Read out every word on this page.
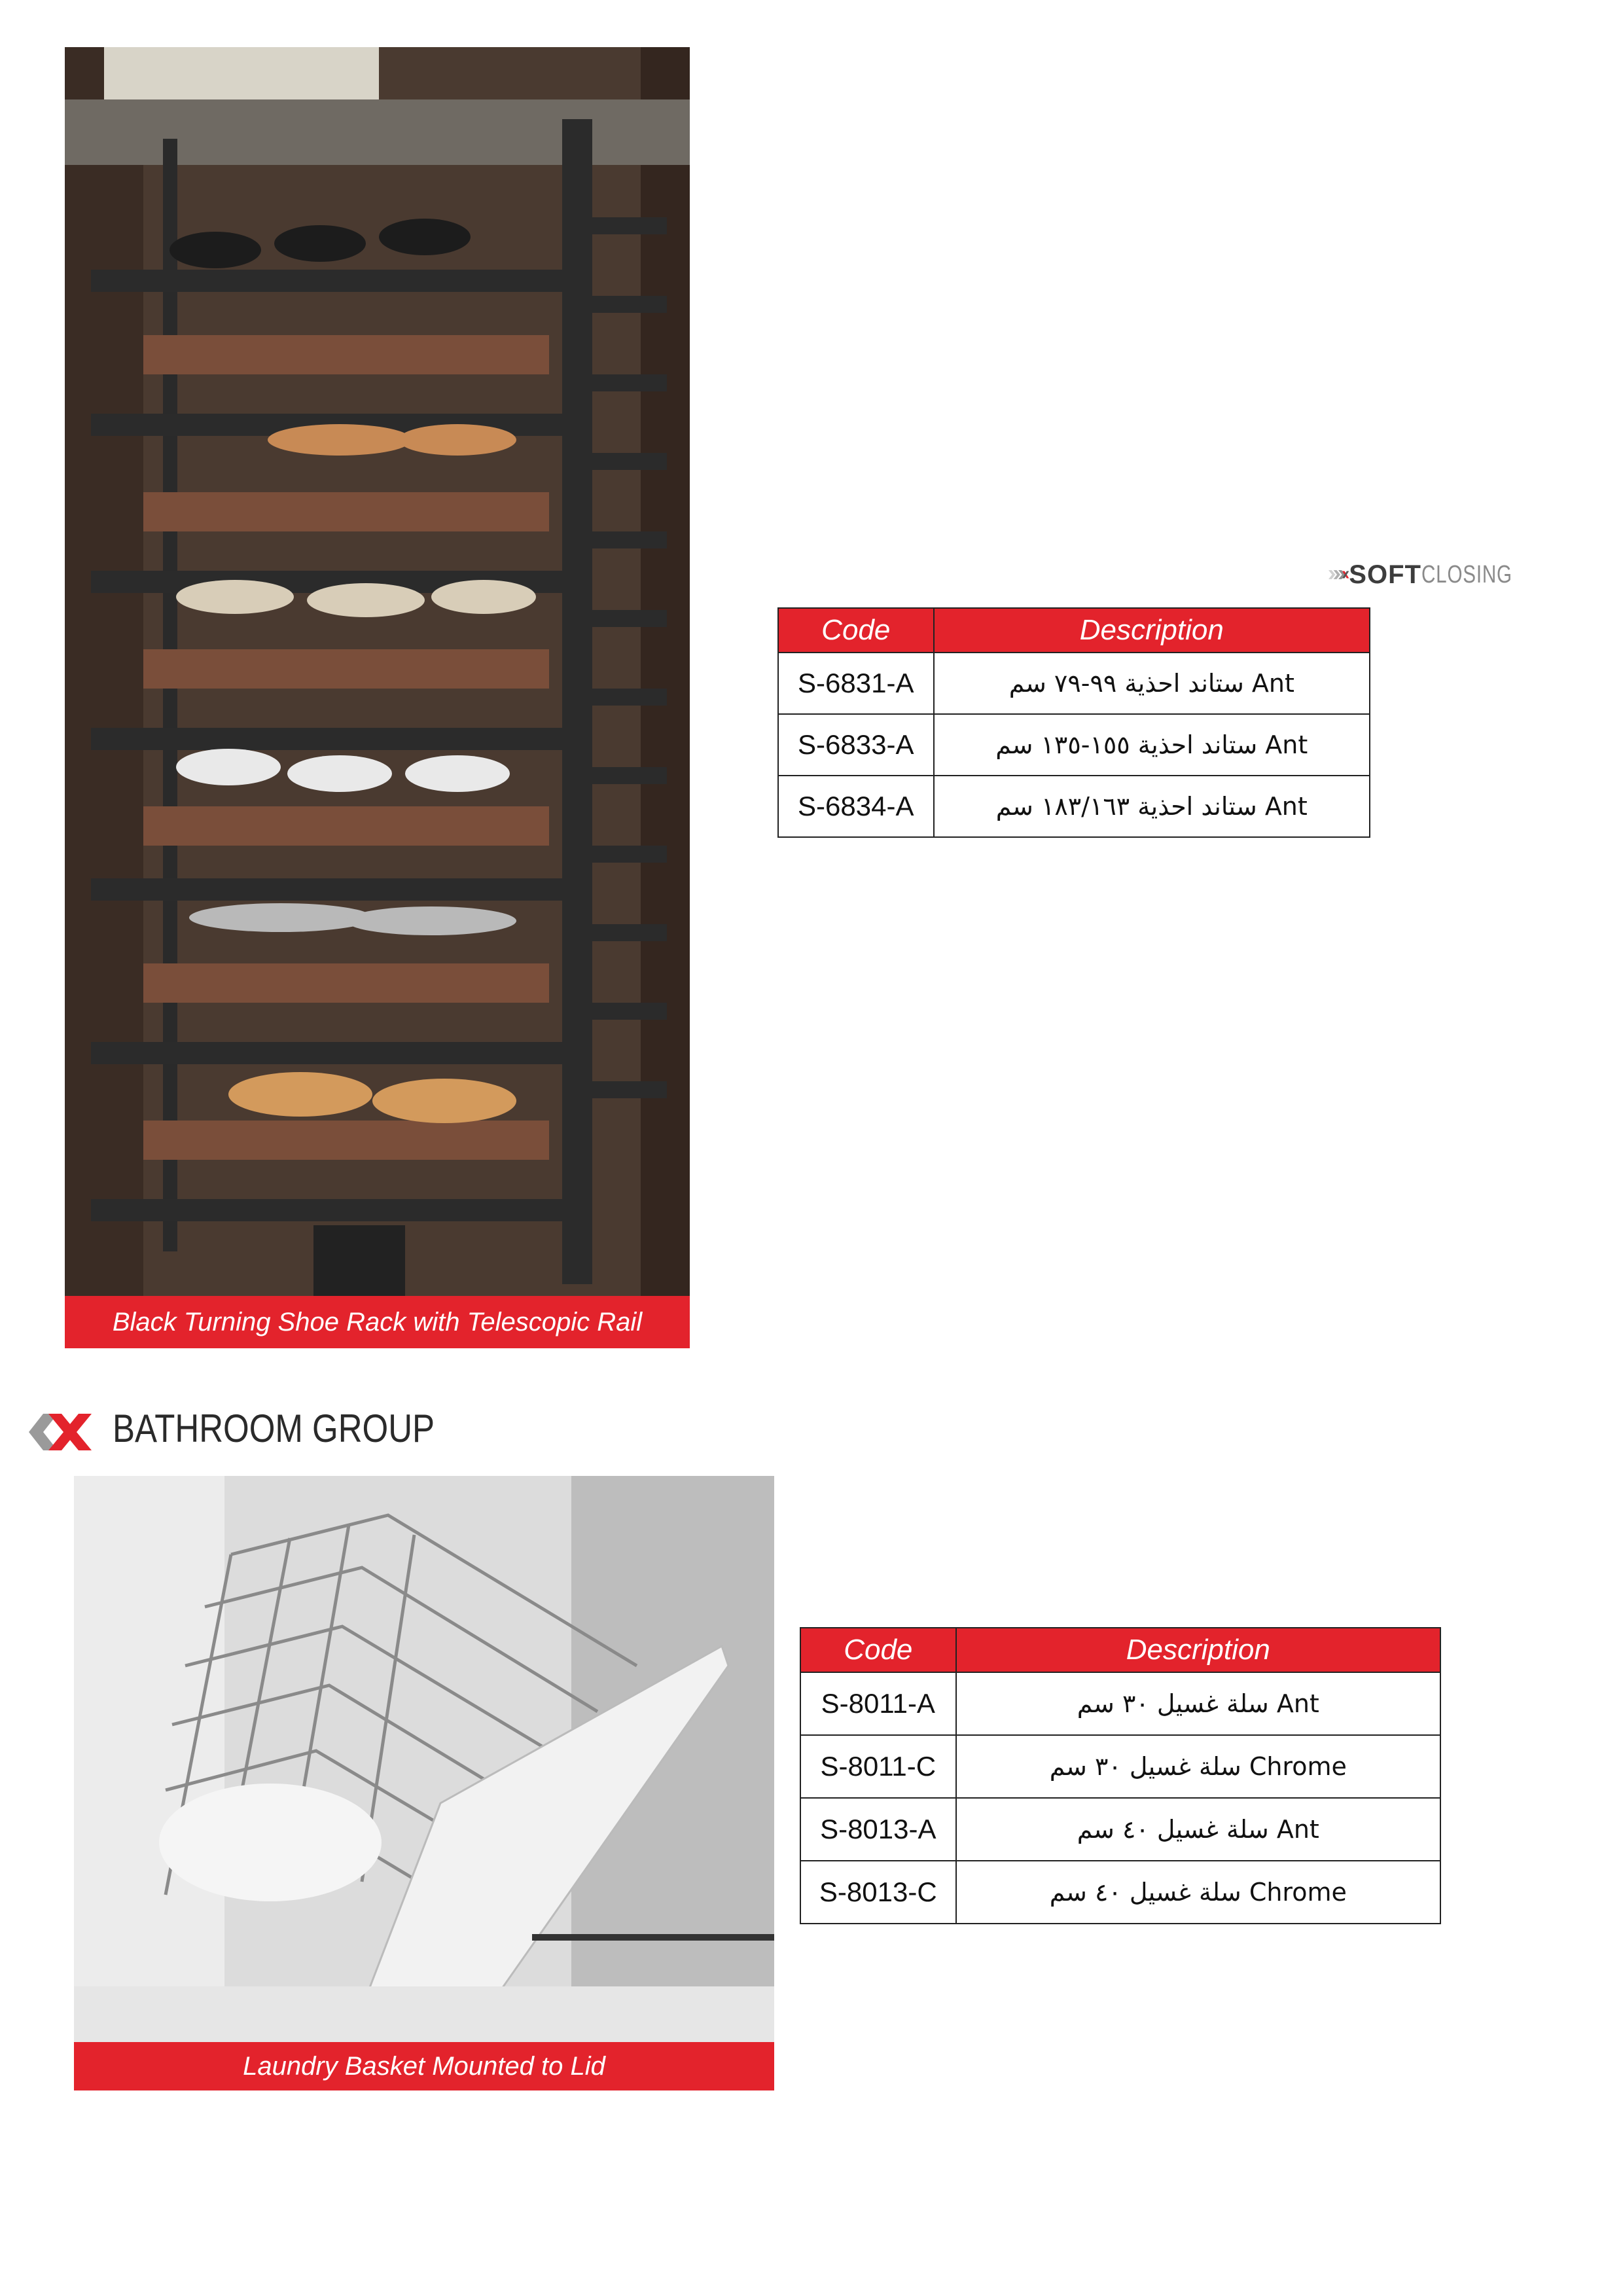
Black Turning Shoe Rack with Telescopic Rail
SOFT CLOSING
Code	Description
S-6831-A	Ant ستاند احذية ٩٩-٧٩ سم
S-6833-A	Ant ستاند احذية ١٥٥-١٣٥ سم
S-6834-A	Ant ستاند احذية ١٨٣/١٦٣ سم
BATHROOM GROUP
Laundry Basket Mounted to Lid
Code	Description
S-8011-A	Ant سلة غسيل ٣٠ سم
S-8011-C	Chrome سلة غسيل ٣٠ سم
S-8013-A	Ant سلة غسيل ٤٠ سم
S-8013-C	Chrome سلة غسيل ٤٠ سم
